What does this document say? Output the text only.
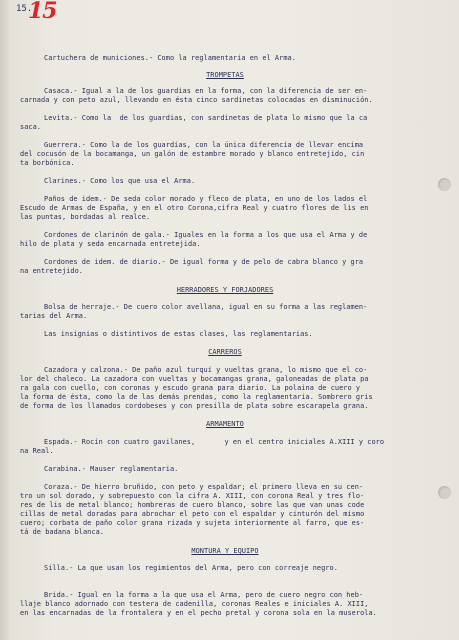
15.
15
Cartuchera de municiones.- Como la reglamentaria en el Arma.
TROMPETAS
Casaca.- Igual a la de los guardias en la forma, con la diferencia de ser en-
carnada y con peto azul, llevando en ésta cinco sardinetas colocadas en disminución.
Levita.- Como la  de los guardias, con sardinetas de plata lo mismo que la ca
saca.
Guerrera.- Como la de los guardias, con la única diferencia de llevar encima
del cocusón de la bocamanga, un galón de estambre morado y blanco entretejido, cin
ta borbónica.
Clarines.- Como los que usa el Arma.
Paños de idem.- De seda color morado y fleco de plata, en uno de los lados el
Escudo de Armas de España, y en el otro Corona,cifra Real y cuatro flores de lis en
las puntas, bordadas al realce.
Cordones de clarinón de gala.- Iguales en la forma a los que usa el Arma y de
hilo de plata y seda encarnada entretejida.
Cordones de idem. de diario.- De igual forma y de pelo de cabra blanco y gra
na entretejido.
HERRADORES Y FORJADORES
Bolsa de herraje.- De cuero color avellana, igual en su forma a las reglamen-
tarias del Arma.
Las insignias o distintivos de estas clases, las reglamentarias.
CARREROS
Cazadora y calzona.- De paño azul turquí y vueltas grana, lo mismo que el co-
lor del chaleco. La cazadora con vueltas y bocamangas grana, galoneadas de plata pa
ra gala con cuello, con coronas y escudo grana para diario. La polaina de cuero y
la forma de ésta, como la de las demás prendas, como la reglamentaria. Sombrero gris
de forma de los llamados cordobeses y con presilla de plata sobre escarapela grana.
ARMAMENTO
Espada.- Rocín con cuatro gavilanes,       y en el centro iniciales A.XIII y coro
na Real.
Carabina.- Mauser reglamentaria.
Coraza.- De hierro bruñido, con peto y espaldar; el primero lleva en su cen-
tro un sol dorado, y sobrepuesto con la cifra A. XIII, con corona Real y tres flo-
res de lis de metal blanco; hombreras de cuero blanco, sobre las que van unas code
cillas de metal doradas para abrochar el peto con el espaldar y cinturón del mismo
cuero; corbata de paño color grana rizada y sujeta interiormente al farro, que es-
tá de badana blanca.
MONTURA Y EQUIPO
Silla.- La que usan los regimientos del Arma, pero con correaje negro.
Brida.- Igual en la forma a la que usa el Arma, pero de cuero negro con heb-
llaje blanco adornado con testera de cadenilla, coronas Reales e iniciales A. XIII,
en las encarnadas de la frontalera y en el pecho pretal y corona sola en la muserola.
